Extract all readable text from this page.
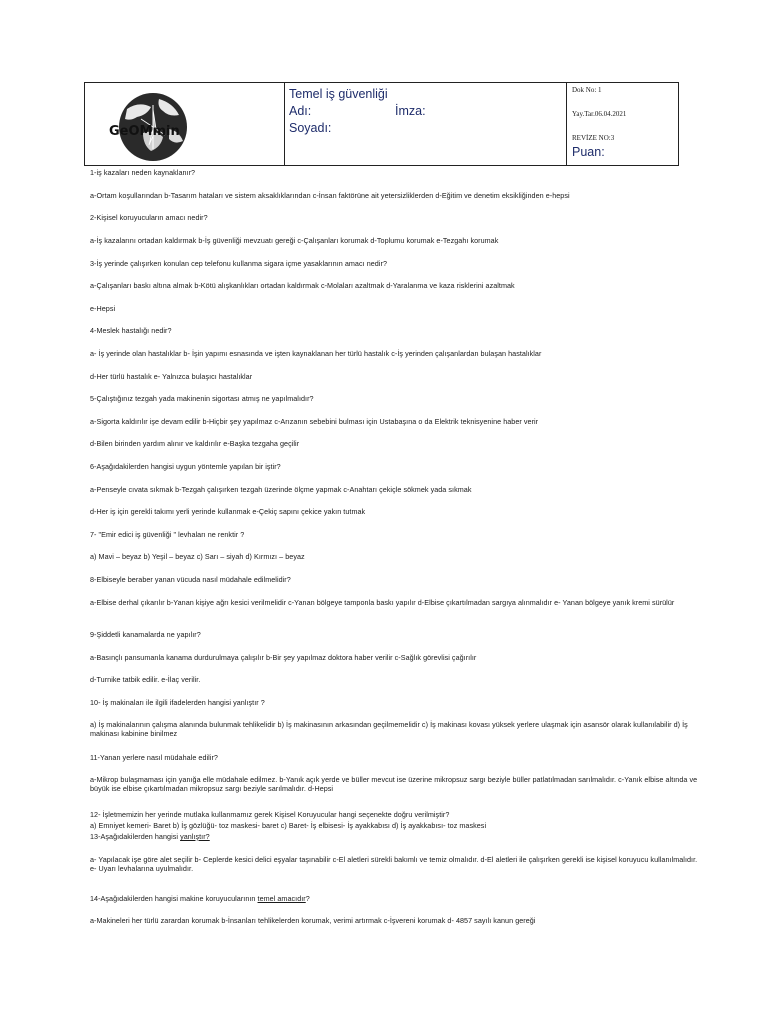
GeOMmin
Temel iş güvenliği
Adı:	İmza:
Soyadı:
Dok No: 1
Yay.Tar.06.04.2021
REVİZE NO:3
Puan:
1-iş kazaları neden kaynaklanır?
a-Ortam koşullarından b-Tasarım hataları ve sistem aksaklıklarından c-İnsan faktörüne ait yetersizliklerden d-Eğitim ve denetim eksikliğinden e-hepsi
2-Kişisel koruyucuların amacı nedir?
a-İş kazalarını ortadan kaldırmak b-İş güvenliği mevzuatı gereği c-Çalışanları korumak d-Toplumu korumak e-Tezgahı korumak
3-İş yerinde çalışırken konulan cep telefonu kullanma sigara içme yasaklarının amacı nedir?
a-Çalışanları baskı altına almak b-Kötü alışkanlıkları ortadan kaldırmak c-Molaları azaltmak d-Yaralanma ve kaza risklerini azaltmak
e-Hepsi
4-Meslek hastalığı nedir?
a- İş yerinde olan hastalıklar b- İşin yapımı esnasında ve işten kaynaklanan her türlü hastalık c-İş yerinden çalışanlardan bulaşan hastalıklar
d-Her türlü hastalık e- Yalnızca bulaşıcı hastalıklar
5-Çalıştığınız tezgah yada makinenin sigortası atmış ne yapılmalıdır?
a-Sigorta kaldırılır işe devam edilir b-Hiçbir şey yapılmaz c-Arızanın sebebini bulması için Ustabaşına o da Elektrik teknisyenine haber verir
d-Bilen birinden yardım alınır ve kaldırılır e-Başka tezgaha geçilir
6-Aşağıdakilerden hangisi uygun yöntemle yapılan bir iştir?
a-Penseyle cıvata sıkmak b-Tezgah çalışırken tezgah üzerinde ölçme yapmak c-Anahtarı çekiçle sökmek yada sıkmak
d-Her iş için gerekli takımı yerli yerinde kullanmak e-Çekiç sapını çekice yakın tutmak
7- "Emir edici iş güvenliği " levhaları ne renktir ?
a) Mavi – beyaz b) Yeşil – beyaz c) Sarı – siyah d) Kırmızı – beyaz
8-Elbiseyle beraber yanan vücuda nasıl müdahale edilmelidir?
a-Elbise derhal çıkarılır b-Yanan kişiye ağrı kesici verilmelidir c-Yanan bölgeye tamponla baskı yapılır d-Elbise çıkartılmadan sargıya alınmalıdır e- Yanan bölgeye yanık kremi sürülür
9-Şiddetli kanamalarda ne yapılır?
a-Basınçlı pansumanla kanama durdurulmaya çalışılır b-Bir şey yapılmaz doktora haber verilir c-Sağlık görevlisi çağırılır
d-Turnike tatbik edilir. e-İlaç verilir.
10- İş makinaları ile ilgili ifadelerden hangisi yanlıştır ?
a) İş makinalarının çalışma alanında bulunmak tehlikelidir b) İş makinasının arkasından geçilmemelidir c) İş makinası kovası yüksek yerlere ulaşmak için asansör olarak kullanılabilir d) İş makinası kabinine binilmez
11-Yanan yerlere nasıl müdahale edilir?
a-Mikrop bulaşmaması için yanığa elle müdahale edilmez. b-Yanık açık yerde ve büller mevcut ise üzerine mikropsuz sargı beziyle büller patlatılmadan sarılmalıdır. c-Yanık elbise altında ve büyük ise elbise çıkartılmadan mikropsuz sargı beziyle sarılmalıdır. d-Hepsi
12- İşletmemizin her yerinde mutlaka kullanmamız gerek Kişisel Koruyucular hangi seçenekte doğru verilmiştir?
a) Emniyet kemeri- Baret b) İş gözlüğü- toz maskesi- baret c) Baret- İş elbisesi- İş ayakkabısı d) İş ayakkabısı- toz maskesi
13-Aşağıdakilerden hangisi yanlıştır?
a- Yapılacak işe göre alet seçilir b- Ceplerde kesici delici eşyalar taşınabilir c-El aletleri sürekli bakımlı ve temiz olmalıdır. d-El aletleri ile çalışırken gerekli ise kişisel koruyucu kullanılmalıdır. e- Uyarı levhalarına uyulmalıdır.
14-Aşağıdakilerden hangisi makine koruyucularının temel amacıdır?
a-Makineleri her türlü zarardan korumak b-İnsanları tehlikelerden korumak, verimi artırmak c-İşvereni korumak d- 4857 sayılı kanun gereği
